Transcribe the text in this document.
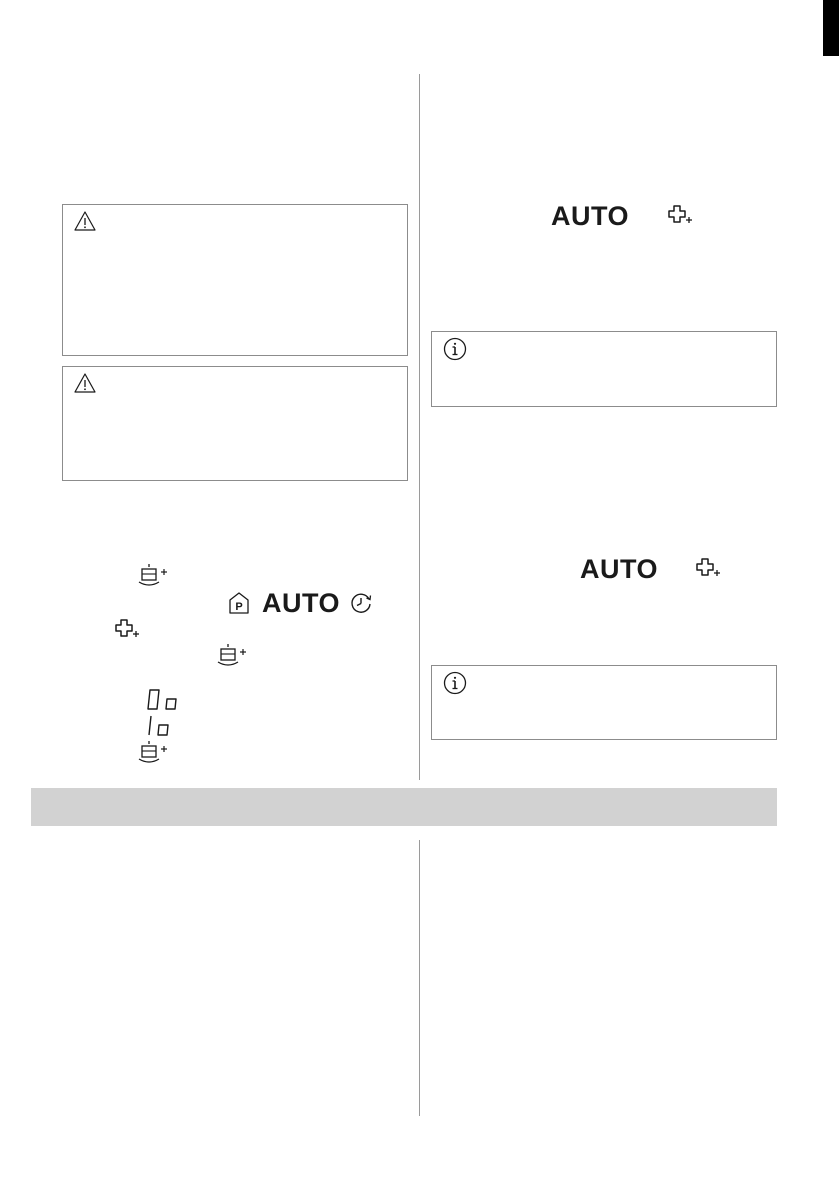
P AUTO
AUTO
AUTO
